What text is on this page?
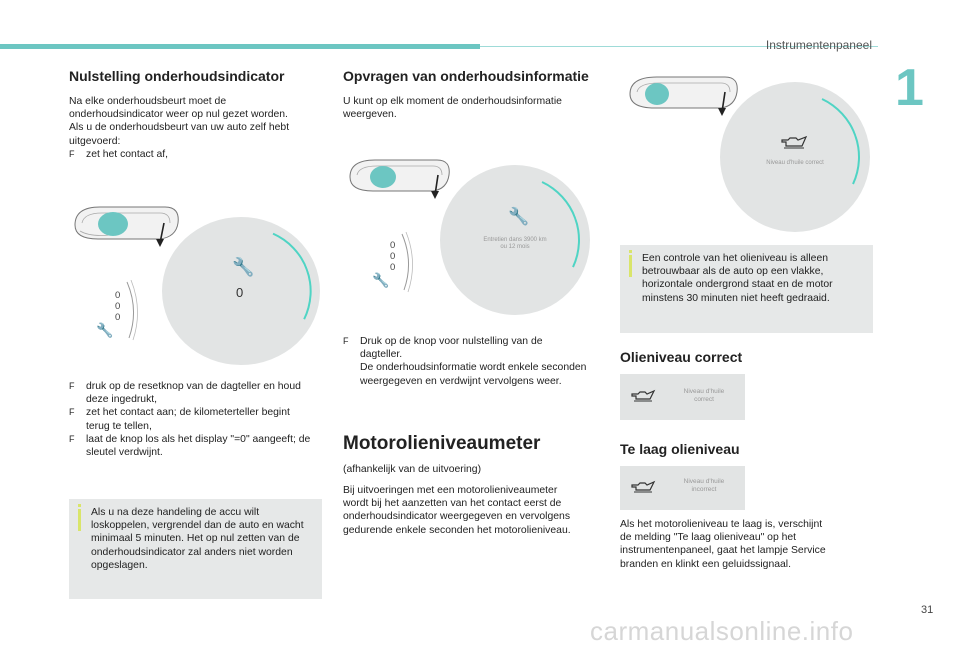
Instrumentenpaneel
1
31
Nulstelling onderhoudsindicator
Na elke onderhoudsbeurt moet de
onderhoudsindicator weer op nul gezet worden.
Als u de onderhoudsbeurt van uw auto zelf hebt
uitgevoerd:
F zet het contact af,
🔧
0
0
0
0
🔧
F druk op de resetknop van de dagteller en houd
deze ingedrukt,
F zet het contact aan; de kilometerteller begint
terug te tellen,
F laat de knop los als het display "=0" aangeeft; de
sleutel verdwijnt.
Als u na deze handeling de accu wilt
loskoppelen, vergrendel dan de auto en wacht
minimaal 5 minuten. Het op nul zetten van de
onderhoudsindicator zal anders niet worden
opgeslagen.
Opvragen van onderhoudsinformatie
U kunt op elk moment de onderhoudsinformatie
weergeven.
🔧
Entretien dans 3900 km
ou 12 mois
0
0
0
🔧
F Druk op de knop voor nulstelling van de
dagteller.
De onderhoudsinformatie wordt enkele seconden
weergegeven en verdwijnt vervolgens weer.
Motorolieniveaumeter
(afhankelijk van de uitvoering)
Bij uitvoeringen met een motorolieniveaumeter
wordt bij het aanzetten van het contact eerst de
onderhoudsindicator weergegeven en vervolgens
gedurende enkele seconden het motorolieniveau.
Niveau d'huile correct
Een controle van het olieniveau is alleen
betrouwbaar als de auto op een vlakke,
horizontale ondergrond staat en de motor
minstens 30 minuten niet heeft gedraaid.
Olieniveau correct
Niveau d'huile
correct
Te laag olieniveau
Niveau d'huile
incorrect
Als het motorolieniveau te laag is, verschijnt
de melding "Te laag olieniveau" op het
instrumentenpaneel, gaat het lampje Service
branden en klinkt een geluidssignaal.
carmanualsonline.info
